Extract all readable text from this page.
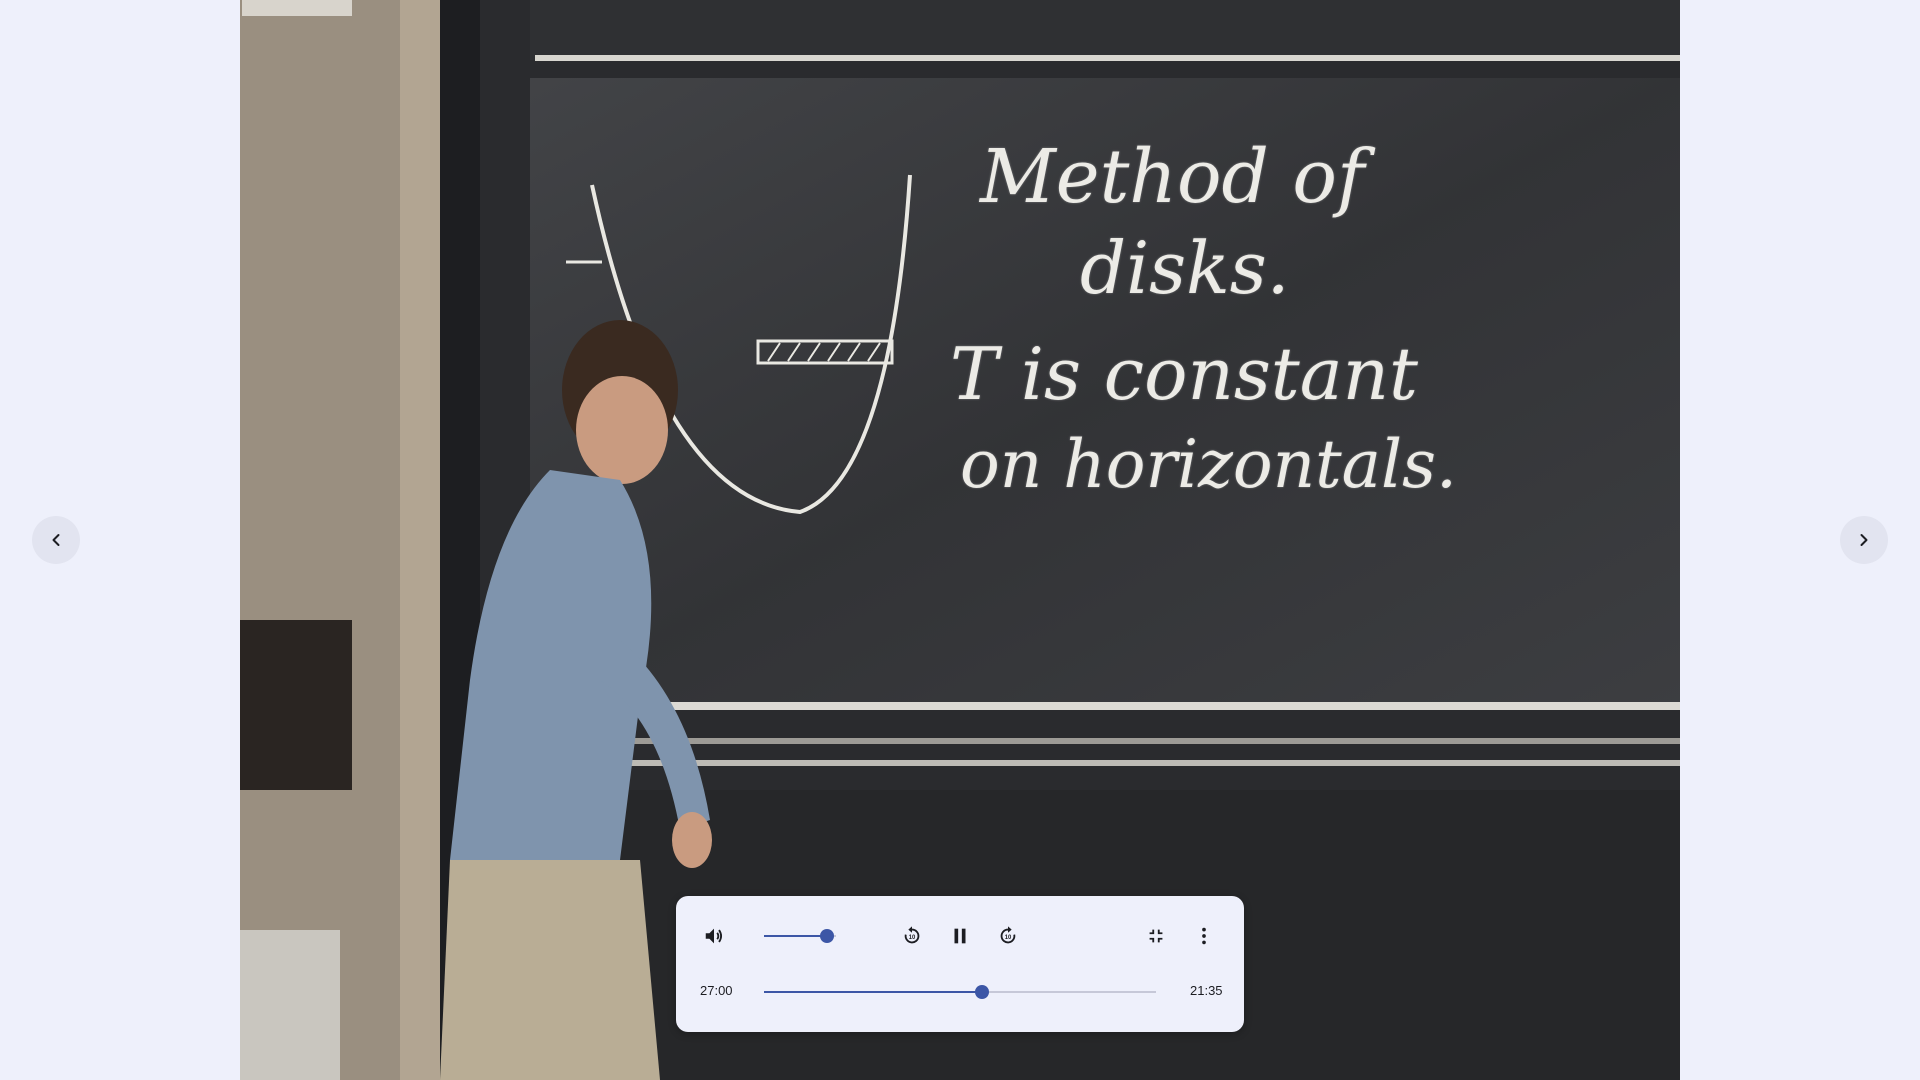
Method of
disks.
T is constant
on horizontals.
10	10
27:00	21:35
